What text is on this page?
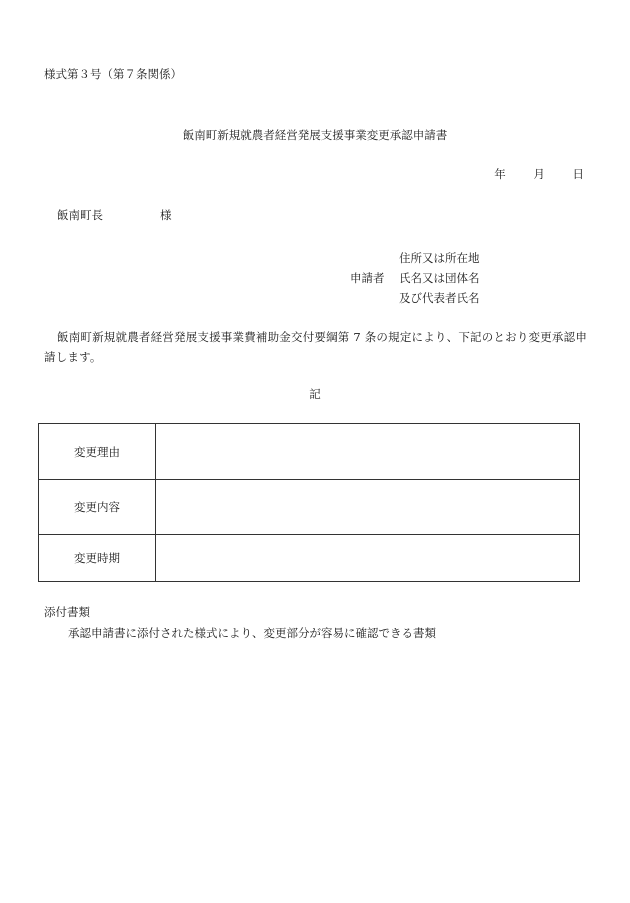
様式第３号（第７条関係）
飯南町新規就農者経営発展支援事業変更承認申請書
年 月 日
飯南町長	様
申請者
住所又は所在地
氏名又は団体名
及び代表者氏名
飯南町新規就農者経営発展支援事業費補助金交付要綱第 7 条の規定により、下記のとおり変更承認申請します。
記
変更理由	
変更内容	
変更時期	
添付書類
承認申請書に添付された様式により、変更部分が容易に確認できる書類
